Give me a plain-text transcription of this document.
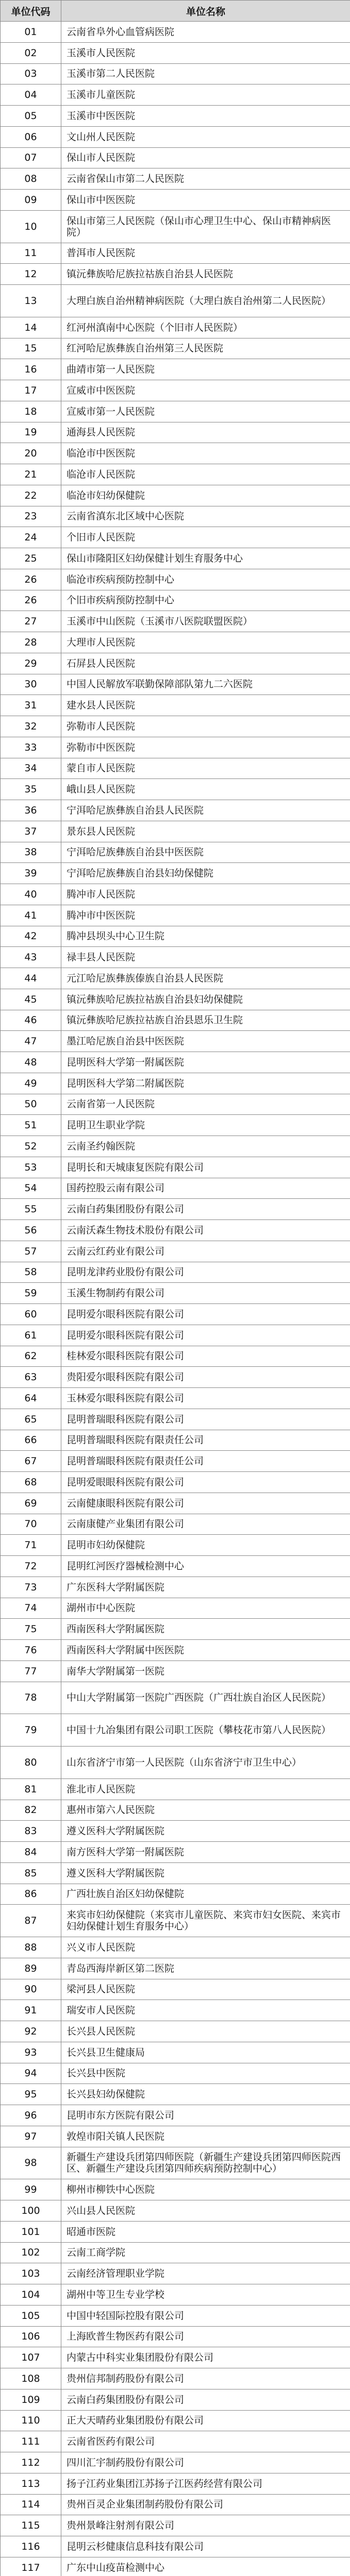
单位代码	单位名称
01	云南省阜外心血管病医院
02	玉溪市人民医院
03	玉溪市第二人民医院
04	玉溪市儿童医院
05	玉溪市中医医院
06	文山州人民医院
07	保山市人民医院
08	云南省保山市第二人民医院
09	保山市中医医院
10	保山市第三人民医院（保山市心理卫生中心、保山市精神病医院）
11	普洱市人民医院
12	镇沅彝族哈尼族拉祜族自治县人民医院
13	大理白族自治州精神病医院（大理白族自治州第二人民医院）
14	红河州滇南中心医院（个旧市人民医院）
15	红河哈尼族彝族自治州第三人民医院
16	曲靖市第一人民医院
17	宣威市中医医院
18	宣威市第一人民医院
19	通海县人民医院
20	临沧市中医医院
21	临沧市人民医院
22	临沧市妇幼保健院
23	云南省滇东北区域中心医院
24	个旧市人民医院
25	保山市隆阳区妇幼保健计划生育服务中心
26	临沧市疾病预防控制中心
26	个旧市疾病预防控制中心
27	玉溪市中山医院（玉溪市八医院联盟医院）
28	大理市人民医院
29	石屏县人民医院
30	中国人民解放军联勤保障部队第九二六医院
31	建水县人民医院
32	弥勒市人民医院
33	弥勒市中医医院
34	蒙自市人民医院
35	峨山县人民医院
36	宁洱哈尼族彝族自治县人民医院
37	景东县人民医院
38	宁洱哈尼族彝族自治县中医医院
39	宁洱哈尼族彝族自治县妇幼保健院
40	腾冲市人民医院
41	腾冲市中医医院
42	腾冲县坝头中心卫生院
43	禄丰县人民医院
44	元江哈尼族彝族傣族自治县人民医院
45	镇沅彝族哈尼族拉祜族自治县妇幼保健院
46	镇沅彝族哈尼族拉祜族自治县恩乐卫生院
47	墨江哈尼族自治县中医医院
48	昆明医科大学第一附属医院
49	昆明医科大学第二附属医院
50	云南省第一人民医院
51	昆明卫生职业学院
52	云南圣约翰医院
53	昆明长和天城康复医院有限公司
54	国药控股云南有限公司
55	云南白药集团股份有限公司
56	云南沃森生物技术股份有限公司
57	云南云红药业有限公司
58	昆明龙津药业股份有限公司
59	玉溪生物制药有限公司
60	昆明爱尔眼科医院有限公司
61	昆明爱尔眼科医院有限公司
62	桂林爱尔眼科医院有限公司
63	贵阳爱尔眼科医院有限公司
64	玉林爱尔眼科医院有限公司
65	昆明普瑞眼科医院有限公司
66	昆明普瑞眼科医院有限责任公司
67	昆明普瑞眼科医院有限责任公司
68	昆明爱眼眼科医院有限公司
69	云南健康眼科医院有限公司
70	云南康健产业集团有限公司
71	昆明市妇幼保健院
72	昆明红河医疗器械检测中心
73	广东医科大学附属医院
74	湖州市中心医院
75	西南医科大学附属医院
76	西南医科大学附属中医医院
77	南华大学附属第一医院
78	中山大学附属第一医院广西医院（广西壮族自治区人民医院）
79	中国十九冶集团有限公司职工医院（攀枝花市第八人民医院）
80	山东省济宁市第一人民医院（山东省济宁市卫生中心）
81	淮北市人民医院
82	惠州市第六人民医院
83	遵义医科大学附属医院
84	南方医科大学第一附属医院
85	遵义医科大学附属医院
86	广西壮族自治区妇幼保健院
87	来宾市妇幼保健院（来宾市儿童医院、来宾市妇女医院、来宾市妇幼保健计划生育服务中心）
88	兴义市人民医院
89	青岛西海岸新区第二医院
90	梁河县人民医院
91	瑞安市人民医院
92	长兴县人民医院
93	长兴县卫生健康局
94	长兴县中医院
95	长兴县妇幼保健院
96	昆明市东方医院有限公司
97	敦煌市阳关镇人民医院
98	新疆生产建设兵团第四师医院（新疆生产建设兵团第四师医院西区、新疆生产建设兵团第四师疾病预防控制中心）
99	柳州市柳铁中心医院
100	兴山县人民医院
101	昭通市医院
102	云南工商学院
103	云南经济管理职业学院
104	湖州中等卫生专业学校
105	中国中轻国际控股有限公司
106	上海欧普生物医药有限公司
107	内蒙古中科实业集团股份有限公司
108	贵州信邦制药股份有限公司
109	云南白药集团股份有限公司
110	正大天晴药业集团股份有限公司
111	云南省医药有限公司
112	四川汇宇制药股份有限公司
113	扬子江药业集团江苏扬子江医药经营有限公司
114	贵州百灵企业集团制药股份有限公司
115	贵州景峰注射剂有限公司
116	昆明云杉健康信息科技有限公司
117	广东中山疫苗检测中心
